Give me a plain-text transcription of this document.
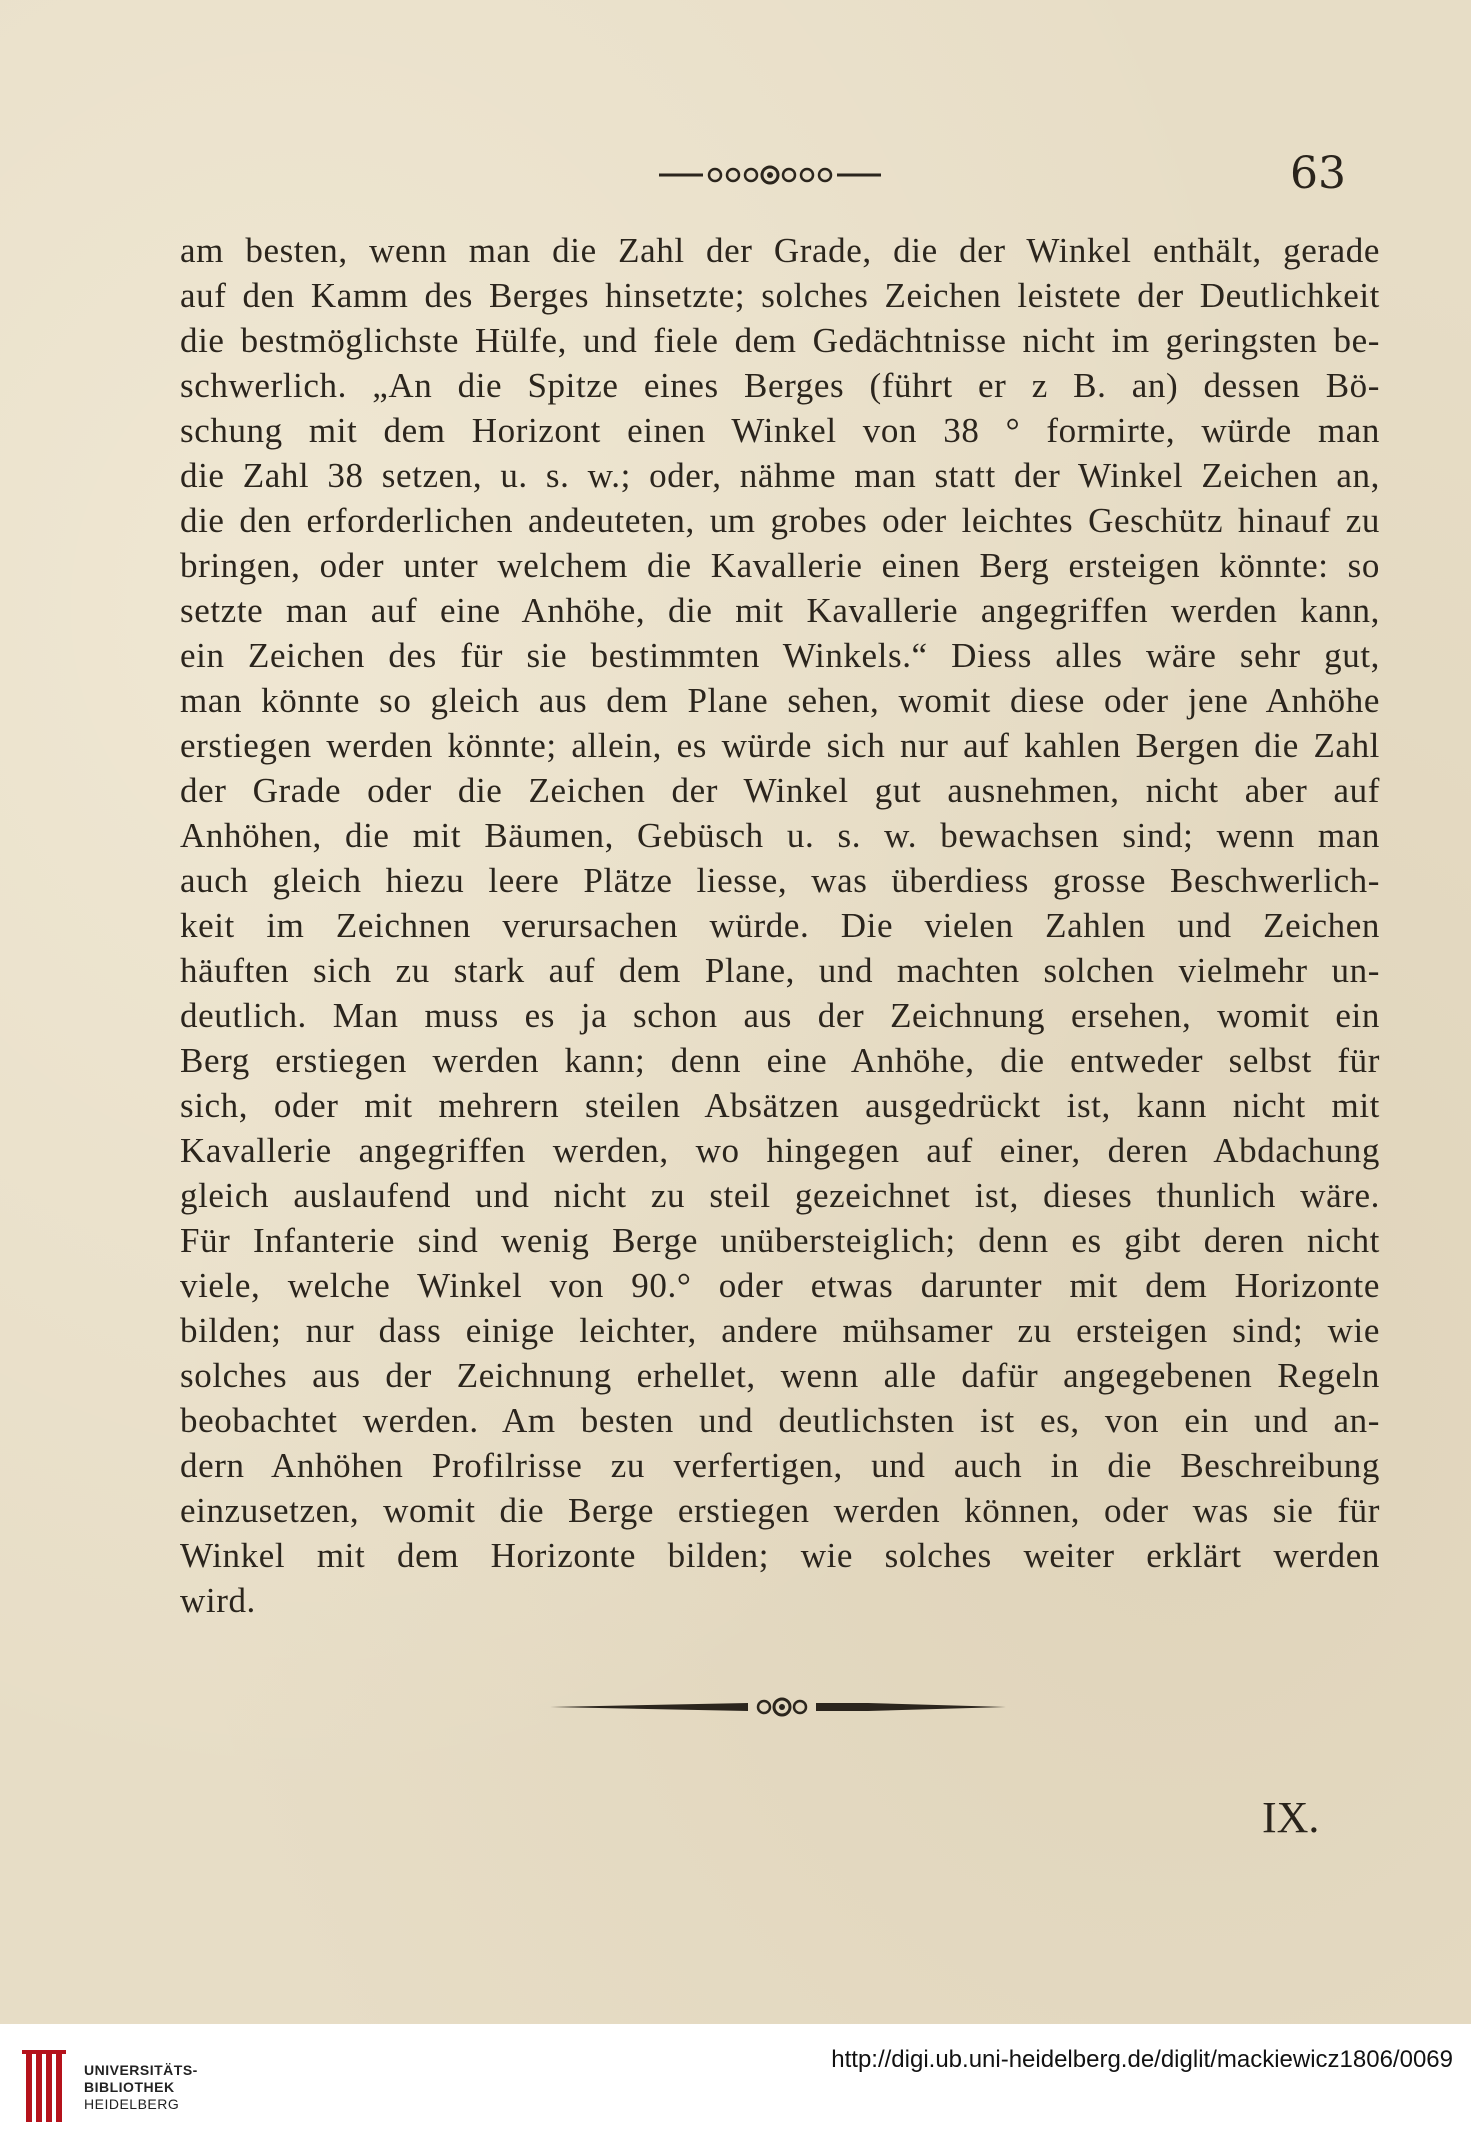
63
am besten, wenn man die Zahl der Grade, die der Winkel enthält, gerade
auf den Kamm des Berges hinsetzte; solches Zeichen leistete der Deutlichkeit
die bestmöglichste Hülfe, und fiele dem Gedächtnisse nicht im geringsten be-
schwerlich. „An die Spitze eines Berges (führt er z B. an) dessen Bö-
schung mit dem Horizont einen Winkel von 38 ° formirte, würde man
die Zahl 38 setzen, u. s. w.; oder, nähme man statt der Winkel Zeichen an,
die den erforderlichen andeuteten, um grobes oder leichtes Geschütz hinauf zu
bringen, oder unter welchem die Kavallerie einen Berg ersteigen könnte: so
setzte man auf eine Anhöhe, die mit Kavallerie angegriffen werden kann,
ein Zeichen des für sie bestimmten Winkels.“ Diess alles wäre sehr gut,
man könnte so gleich aus dem Plane sehen, womit diese oder jene Anhöhe
erstiegen werden könnte; allein, es würde sich nur auf kahlen Bergen die Zahl
der Grade oder die Zeichen der Winkel gut ausnehmen, nicht aber auf
Anhöhen, die mit Bäumen, Gebüsch u. s. w. bewachsen sind; wenn man
auch gleich hiezu leere Plätze liesse, was überdiess grosse Beschwerlich-
keit im Zeichnen verursachen würde. Die vielen Zahlen und Zeichen
häuften sich zu stark auf dem Plane, und machten solchen vielmehr un-
deutlich. Man muss es ja schon aus der Zeichnung ersehen, womit ein
Berg erstiegen werden kann; denn eine Anhöhe, die entweder selbst für
sich, oder mit mehrern steilen Absätzen ausgedrückt ist, kann nicht mit
Kavallerie angegriffen werden, wo hingegen auf einer, deren Abdachung
gleich auslaufend und nicht zu steil gezeichnet ist, dieses thunlich wäre.
Für Infanterie sind wenig Berge unübersteiglich; denn es gibt deren nicht
viele, welche Winkel von 90.° oder etwas darunter mit dem Horizonte
bilden; nur dass einige leichter, andere mühsamer zu ersteigen sind; wie
solches aus der Zeichnung erhellet, wenn alle dafür angegebenen Regeln
beobachtet werden. Am besten und deutlichsten ist es, von ein und an-
dern Anhöhen Profilrisse zu verfertigen, und auch in die Beschreibung
einzusetzen, womit die Berge erstiegen werden können, oder was sie für
Winkel mit dem Horizonte bilden; wie solches weiter erklärt werden
wird.
IX.
UNIVERSITÄTS-
BIBLIOTHEK
HEIDELBERG
http://digi.ub.uni-heidelberg.de/diglit/mackiewicz1806/0069
